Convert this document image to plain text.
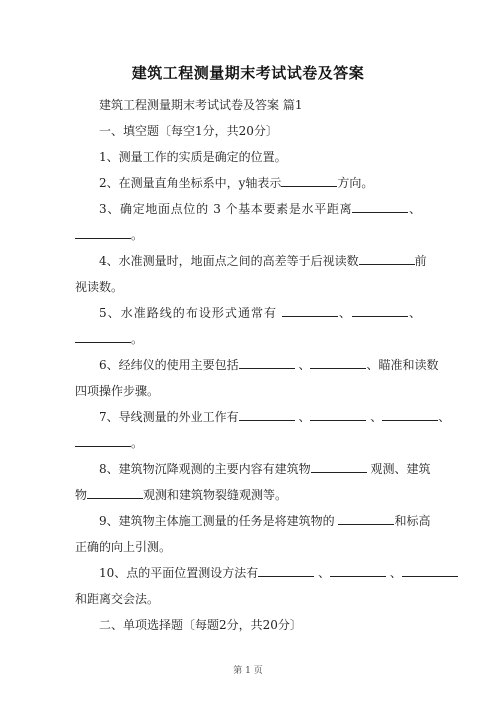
建筑工程测量期末考试试卷及答案
建筑工程测量期末考试试卷及答案 篇1
一、填空题〔每空1分，共20分〕
1、测量工作的实质是确定的位置。
2、在测量直角坐标系中，y轴表示	方向。
3、确定地面点位的 3 个基本要素是水平距离	、
。
4、水准测量时，地面点之间的高差等于后视读数	前
视读数。
5、水准路线的布设形式通常有	、	、
。
6、经纬仪的使用主要包括	、	、瞄准和读数
四项操作步骤。
7、导线测量的外业工作有	、	、	、
。
8、建筑物沉降观测的主要内容有建筑物	观测、建筑
物	观测和建筑物裂缝观测等。
9、建筑物主体施工测量的任务是将建筑物的	和标高
正确的向上引测。
10、点的平面位置测设方法有	、	、
和距离交会法。
二、单项选择题〔每题2分，共20分〕
第 1 页
